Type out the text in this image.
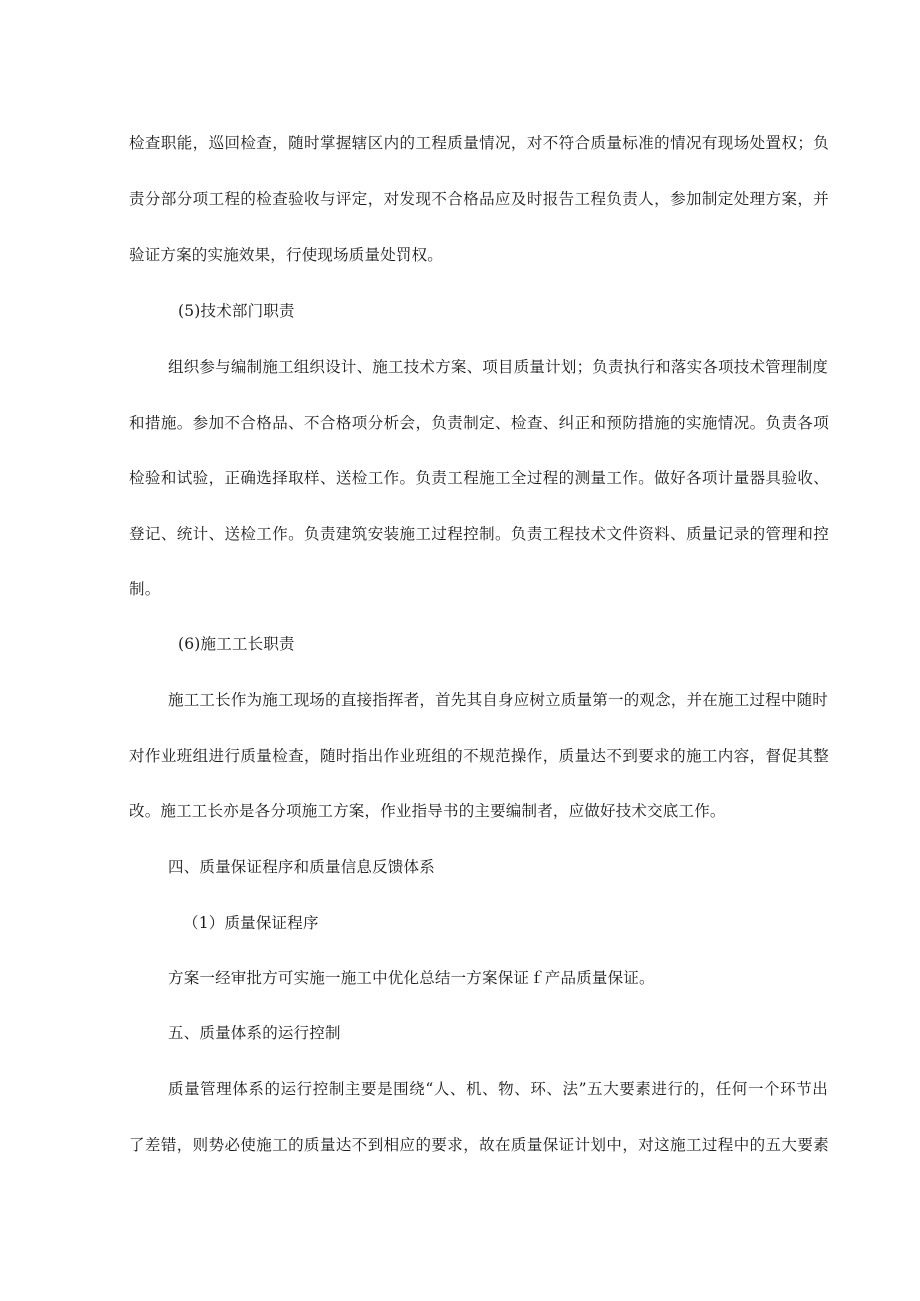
检查职能，巡回检查，随时掌握辖区内的工程质量情况，对不符合质量标准的情况有现场处置权；负
责分部分项工程的检查验收与评定，对发现不合格品应及时报告工程负责人，参加制定处理方案，并
验证方案的实施效果，行使现场质量处罚权。
(5)技术部门职责
组织参与编制施工组织设计、施工技术方案、项目质量计划；负责执行和落实各项技术管理制度
和措施。参加不合格品、不合格项分析会，负责制定、检查、纠正和预防措施的实施情况。负责各项
检验和试验，正确选择取样、送检工作。负责工程施工全过程的测量工作。做好各项计量器具验收、
登记、统计、送检工作。负责建筑安装施工过程控制。负责工程技术文件资料、质量记录的管理和控
制。
(6)施工工长职责
施工工长作为施工现场的直接指挥者，首先其自身应树立质量第一的观念，并在施工过程中随时
对作业班组进行质量检查，随时指出作业班组的不规范操作，质量达不到要求的施工内容，督促其整
改。施工工长亦是各分项施工方案，作业指导书的主要编制者，应做好技术交底工作。
四、质量保证程序和质量信息反馈体系
（1）质量保证程序
方案一经审批方可实施一施工中优化总结一方案保证ｆ产品质量保证。
五、质量体系的运行控制
质量管理体系的运行控制主要是围绕“人、机、物、环、法”五大要素进行的，任何一个环节出
了差错，则势必使施工的质量达不到相应的要求，故在质量保证计划中，对这施工过程中的五大要素
